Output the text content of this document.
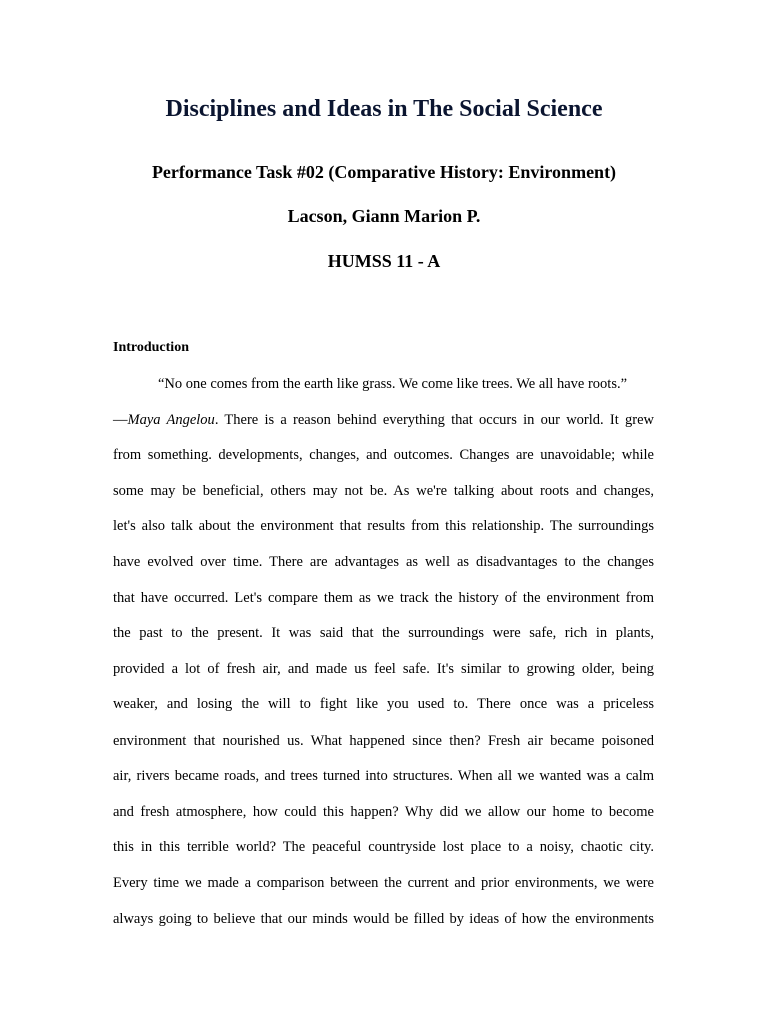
Disciplines and Ideas in The Social Science
Performance Task #02 (Comparative History: Environment)
Lacson, Giann Marion P.
HUMSS 11 - A
Introduction
“No one comes from the earth like grass. We come like trees. We all have roots.”
—Maya Angelou. There is a reason behind everything that occurs in our world. It grew
from something. developments, changes, and outcomes. Changes are unavoidable; while
some may be beneficial, others may not be. As we're talking about roots and changes,
let's also talk about the environment that results from this relationship. The surroundings
have evolved over time. There are advantages as well as disadvantages to the changes
that have occurred. Let's compare them as we track the history of the environment from
the past to the present. It was said that the surroundings were safe, rich in plants,
provided a lot of fresh air, and made us feel safe. It's similar to growing older, being
weaker, and losing the will to fight like you used to. There once was a priceless
environment that nourished us. What happened since then? Fresh air became poisoned
air, rivers became roads, and trees turned into structures. When all we wanted was a calm
and fresh atmosphere, how could this happen? Why did we allow our home to become
this in this terrible world? The peaceful countryside lost place to a noisy, chaotic city.
Every time we made a comparison between the current and prior environments, we were
always going to believe that our minds would be filled by ideas of how the environments
